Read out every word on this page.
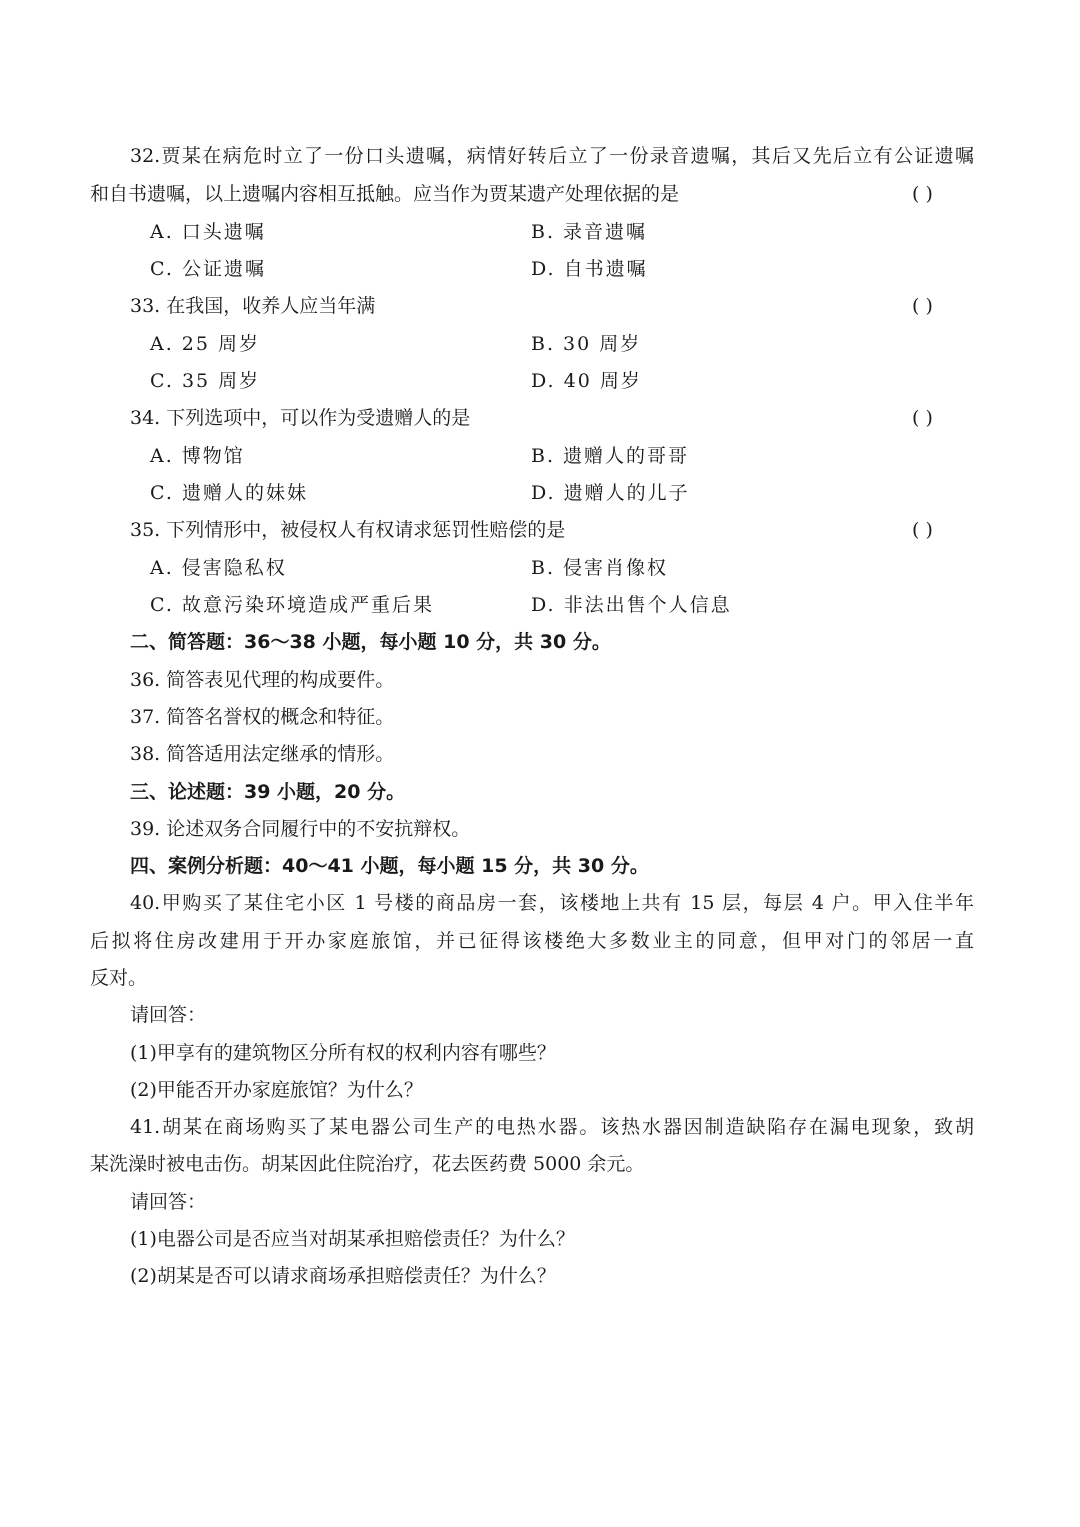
32.贾某在病危时立了一份口头遗嘱，病情好转后立了一份录音遗嘱，其后又先后立有公证遗嘱
和自书遗嘱，以上遗嘱内容相互抵触。应当作为贾某遗产处理依据的是	( )
A. 口头遗嘱	B. 录音遗嘱
C. 公证遗嘱	D. 自书遗嘱
33. 在我国，收养人应当年满	( )
A. 25 周岁	B. 30 周岁
C. 35 周岁	D. 40 周岁
34. 下列选项中，可以作为受遗赠人的是	( )
A. 博物馆	B. 遗赠人的哥哥
C. 遗赠人的妹妹	D. 遗赠人的儿子
35. 下列情形中，被侵权人有权请求惩罚性赔偿的是	( )
A. 侵害隐私权	B. 侵害肖像权
C. 故意污染环境造成严重后果	D. 非法出售个人信息
二、简答题：36～38 小题，每小题 10 分，共 30 分。
36. 简答表见代理的构成要件。
37. 简答名誉权的概念和特征。
38. 简答适用法定继承的情形。
三、论述题：39 小题，20 分。
39. 论述双务合同履行中的不安抗辩权。
四、案例分析题：40～41 小题，每小题 15 分，共 30 分。
40.甲购买了某住宅小区 1 号楼的商品房一套，该楼地上共有 15 层，每层 4 户。甲入住半年
后拟将住房改建用于开办家庭旅馆，并已征得该楼绝大多数业主的同意，但甲对门的邻居一直
反对。
请回答：
(1)甲享有的建筑物区分所有权的权利内容有哪些？
(2)甲能否开办家庭旅馆？为什么？
41.胡某在商场购买了某电器公司生产的电热水器。该热水器因制造缺陷存在漏电现象，致胡
某洗澡时被电击伤。胡某因此住院治疗，花去医药费 5000 余元。
请回答：
(1)电器公司是否应当对胡某承担赔偿责任？为什么？
(2)胡某是否可以请求商场承担赔偿责任？为什么？
